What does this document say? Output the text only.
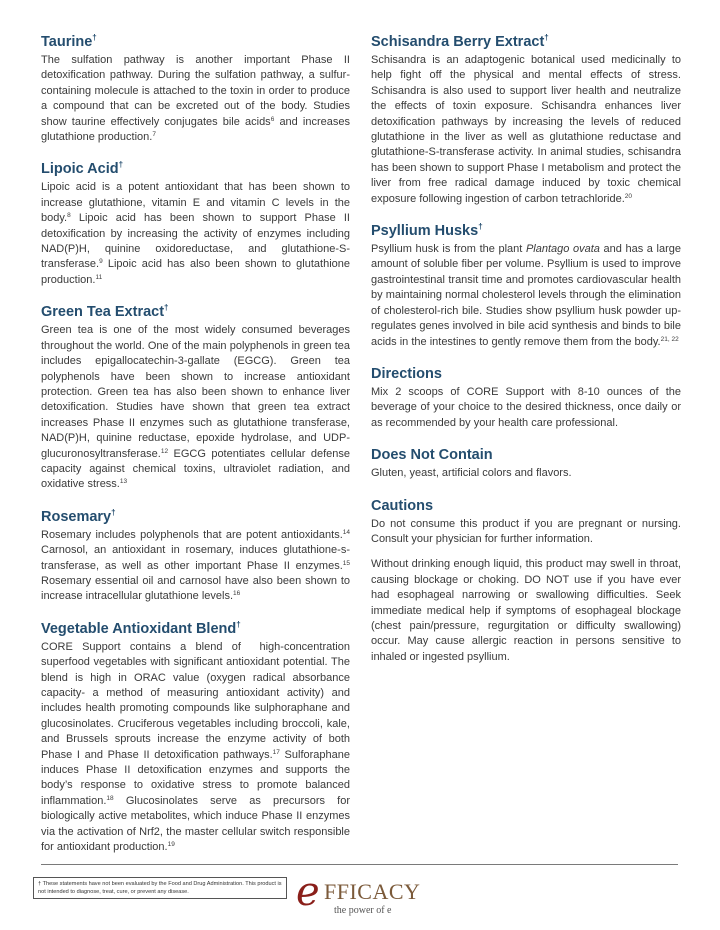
Taurine†

The sulfation pathway is another important Phase II detoxification pathway. During the sulfation pathway, a sulfur-containing molecule is attached to the toxin in order to produce a compound that can be excreted out of the body. Studies show taurine effectively conjugates bile acids$^6$ and increases glutathione production.$^7$

Lipoic Acid†

Lipoic acid is a potent antioxidant that has been shown to increase glutathione, vitamin E and vitamin C levels in the body.$^8$ Lipoic acid has been shown to support Phase II detoxification by increasing the activity of enzymes including NAD(P)H, quinine oxidoreductase, and glutathione-S-transferase.$^9$ Lipoic acid has also been shown to glutathione production.$^{11}$

Green Tea Extract†

Green tea is one of the most widely consumed beverages throughout the world. One of the main polyphenols in green tea includes epigallocatechin-3-gallate (EGCG). Green tea polyphenols have been shown to increase antioxidant protection. Green tea has also been shown to enhance liver detoxification. Studies have shown that green tea extract increases Phase II enzymes such as glutathione transferase, NAD(P)H, quinine reductase, epoxide hydrolase, and UDP-glucuronosyltransferase.$^{12}$ EGCG potentiates cellular defense capacity against chemical toxins, ultraviolet radiation, and oxidative stress.$^{13}$

Rosemary†

Rosemary includes polyphenols that are potent antioxidants.$^{14}$ Carnosol, an antioxidant in rosemary, induces glutathione-s-transferase, as well as other important Phase II enzymes.$^{15}$ Rosemary essential oil and carnosol have also been shown to increase intracellular glutathione levels.$^{16}$

Vegetable Antioxidant Blend†

CORE Support contains a blend of  high-concentration superfood vegetables with significant antioxidant potential. The blend is high in ORAC value (oxygen radical absorbance capacity- a method of measuring antioxidant activity) and includes health promoting compounds like sulphoraphane and glucosinolates. Cruciferous vegetables including broccoli, kale, and Brussels sprouts increase the enzyme activity of both Phase I and Phase II detoxification pathways.$^{17}$ Sulforaphane induces Phase II detoxification enzymes and supports the body’s response to oxidative stress to promote balanced inflammation.$^{18}$ Glucosinolates serve as precursors for biologically active metabolites, which induce Phase II enzymes via the activation of Nrf2, the master cellular switch responsible for antioxidant production.$^{19}$

Schisandra Berry Extract†

Schisandra is an adaptogenic botanical used medicinally to help fight off the physical and mental effects of stress. Schisandra is also used to support liver health and neutralize the effects of toxin exposure. Schisandra enhances liver detoxification pathways by increasing the levels of reduced glutathione in the liver as well as glutathione reductase and glutathione-S-transferase activity. In animal studies, schisandra has been shown to support Phase I metabolism and protect the liver from free radical damage induced by toxic chemical exposure following ingestion of carbon tetrachloride.$^{20}$

Psyllium Husks†

Psyllium husk is from the plant Plantago ovata and has a large amount of soluble fiber per volume. Psyllium is used to improve gastrointestinal transit time and promotes cardiovascular health by maintaining normal cholesterol levels through the elimination of cholesterol-rich bile. Studies show psyllium husk powder up-regulates genes involved in bile acid synthesis and binds to bile acids in the intestines to gently remove them from the body.$^{21, 22}$

Directions

Mix 2 scoops of CORE Support with 8-10 ounces of the beverage of your choice to the desired thickness, once daily or as recommended by your health care professional.

Does Not Contain

Gluten, yeast, artificial colors and flavors.

Cautions

Do not consume this product if you are pregnant or nursing. Consult your physician for further information.

Without drinking enough liquid, this product may swell in throat, causing blockage or choking. DO NOT use if you have ever had esophageal narrowing or swallowing difficulties. Seek immediate medical help if symptoms of esophageal blockage (chest pain/pressure, regurgitation or difficulty swallowing) occur. May cause allergic reaction in persons sensitive to inhaled or ingested psyllium.

† These statements have not been evaluated by the Food and Drug Administration. This product is not intended to diagnose, treat, cure, or prevent any disease.	e FFICACY
the power of e
